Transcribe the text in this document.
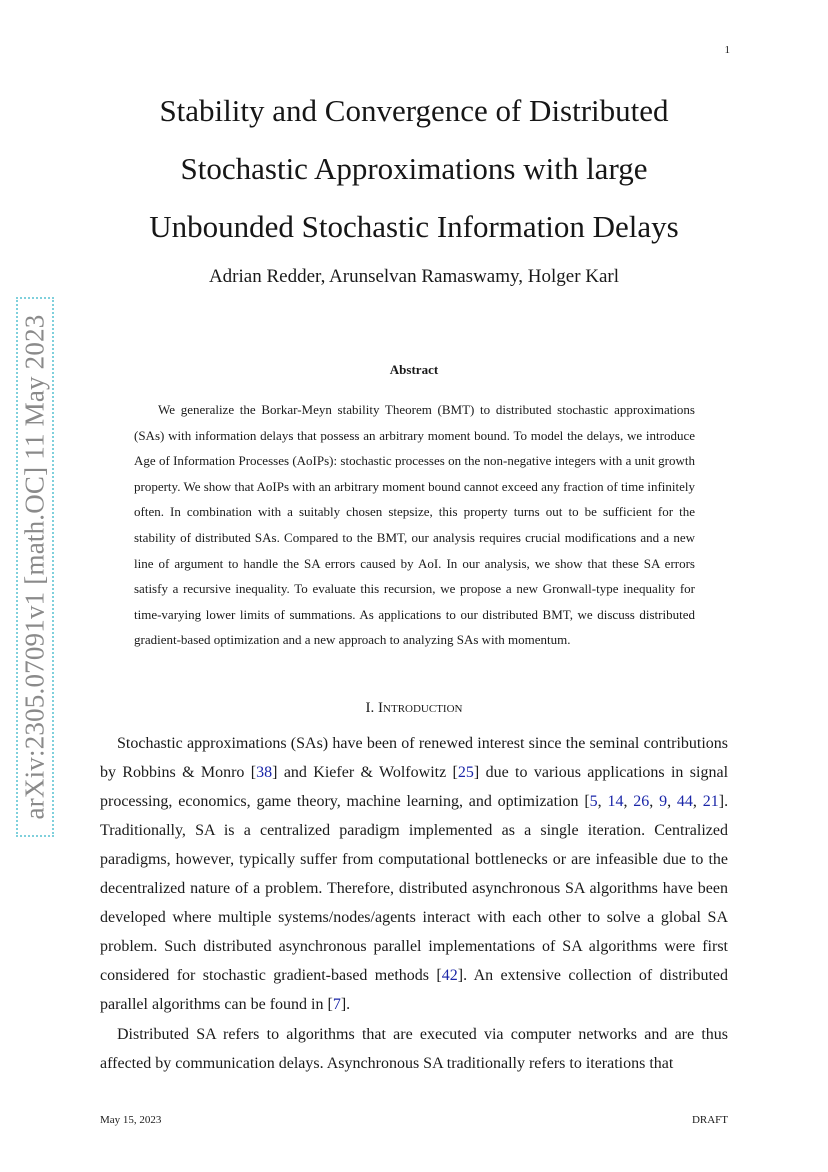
1
Stability and Convergence of Distributed
Stochastic Approximations with large
Unbounded Stochastic Information Delays
Adrian Redder, Arunselvan Ramaswamy, Holger Karl
arXiv:2305.07091v1 [math.OC] 11 May 2023	Abstract

We generalize the Borkar-Meyn stability Theorem (BMT) to distributed stochastic approximations (SAs) with information delays that possess an arbitrary moment bound. To model the delays, we introduce Age of Information Processes (AoIPs): stochastic processes on the non-negative integers with a unit growth property. We show that AoIPs with an arbitrary moment bound cannot exceed any fraction of time infinitely often. In combination with a suitably chosen stepsize, this property turns out to be sufficient for the stability of distributed SAs. Compared to the BMT, our analysis requires crucial modifications and a new line of argument to handle the SA errors caused by AoI. In our analysis, we show that these SA errors satisfy a recursive inequality. To evaluate this recursion, we propose a new Gronwall-type inequality for time-varying lower limits of summations. As applications to our distributed BMT, we discuss distributed gradient-based optimization and a new approach to analyzing SAs with momentum.

I. Introduction

Stochastic approximations (SAs) have been of renewed interest since the seminal contributions by Robbins & Monro [38] and Kiefer & Wolfowitz [25] due to various applications in signal processing, economics, game theory, machine learning, and optimization [5, 14, 26, 9, 44, 21]. Traditionally, SA is a centralized paradigm implemented as a single iteration. Centralized paradigms, however, typically suffer from computational bottlenecks or are infeasible due to the decentralized nature of a problem. Therefore, distributed asynchronous SA algorithms have been developed where multiple systems/nodes/agents interact with each other to solve a global SA problem. Such distributed asynchronous parallel implementations of SA algorithms were first considered for stochastic gradient-based methods [42]. An extensive collection of distributed parallel algorithms can be found in [7].

Distributed SA refers to algorithms that are executed via computer networks and are thus affected by communication delays. Asynchronous SA traditionally refers to iterations that

May 15, 2023	DRAFT
